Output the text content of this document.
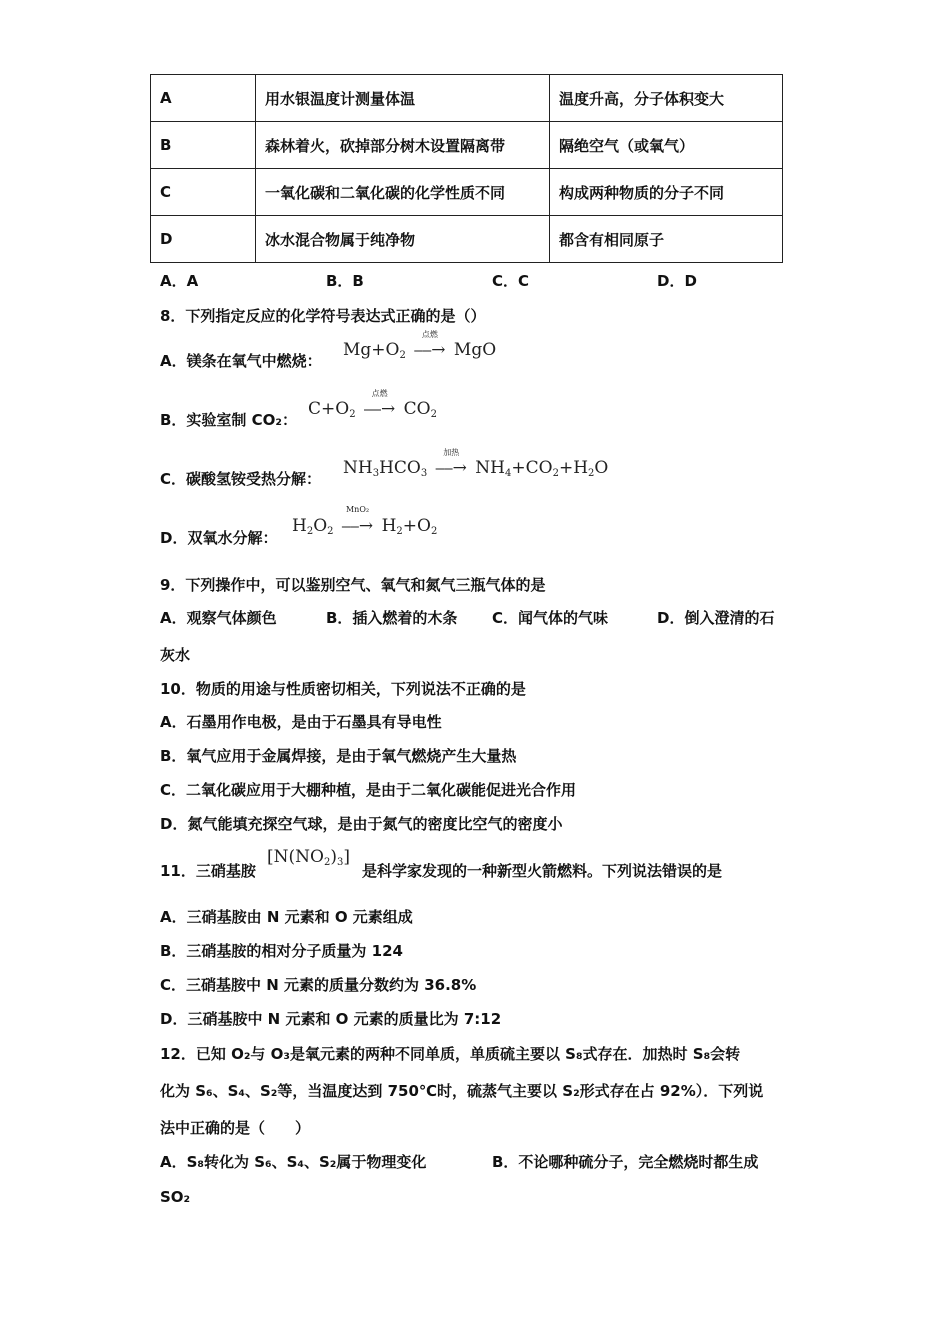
A	用水银温度计测量体温	温度升高，分子体积变大
B	森林着火，砍掉部分树木设置隔离带	隔绝空气（或氧气）
C	一氧化碳和二氧化碳的化学性质不同	构成两种物质的分子不同
D	冰水混合物属于纯净物	都含有相同原子
A．A	B．B	C．C	D．D
8．下列指定反应的化学符号表达式正确的是（）
A．镁条在氧气中燃烧：
$Mg+O_2$ ⎯⎯→
点燃
MgO
B．实验室制 CO₂：
$C+O_2$ ⎯⎯→
点燃
$CO_2$
C．碳酸氢铵受热分解：
$NH_3HCO_3$ ⎯⎯→
加热
$NH_4+CO_2+H_2O$
D．双氧水分解：
$H_2O_2$ ⎯⎯→
MnO₂
$H_2+O_2$
9．下列操作中，可以鉴别空气、氧气和氮气三瓶气体的是
A．观察气体颜色	B．插入燃着的木条 C．闻气体的气味	D．倒入澄清的石
灰水
10．物质的用途与性质密切相关，下列说法不正确的是
A．石墨用作电极，是由于石墨具有导电性
B．氧气应用于金属焊接，是由于氧气燃烧产生大量热
C．二氧化碳应用于大棚种植，是由于二氧化碳能促进光合作用
D．氮气能填充探空气球，是由于氮气的密度比空气的密度小
11．三硝基胺
$[N(NO_2)_3]$
是科学家发现的一种新型火箭燃料。下列说法错误的是
A．三硝基胺由 N 元素和 O 元素组成
B．三硝基胺的相对分子质量为 124
C．三硝基胺中 N 元素的质量分数约为 36.8%
D．三硝基胺中 N 元素和 O 元素的质量比为 7:12
12．已知 O₂与 O₃是氧元素的两种不同单质，单质硫主要以 S₈式存在．加热时 S₈会转
化为 S₆、S₄、S₂等，当温度达到 750℃时，硫蒸气主要以 S₂形式存在占 92%）．下列说
法中正确的是（　　）
A．S₈转化为 S₆、S₄、S₂属于物理变化	B．不论哪种硫分子，完全燃烧时都生成
SO₂
